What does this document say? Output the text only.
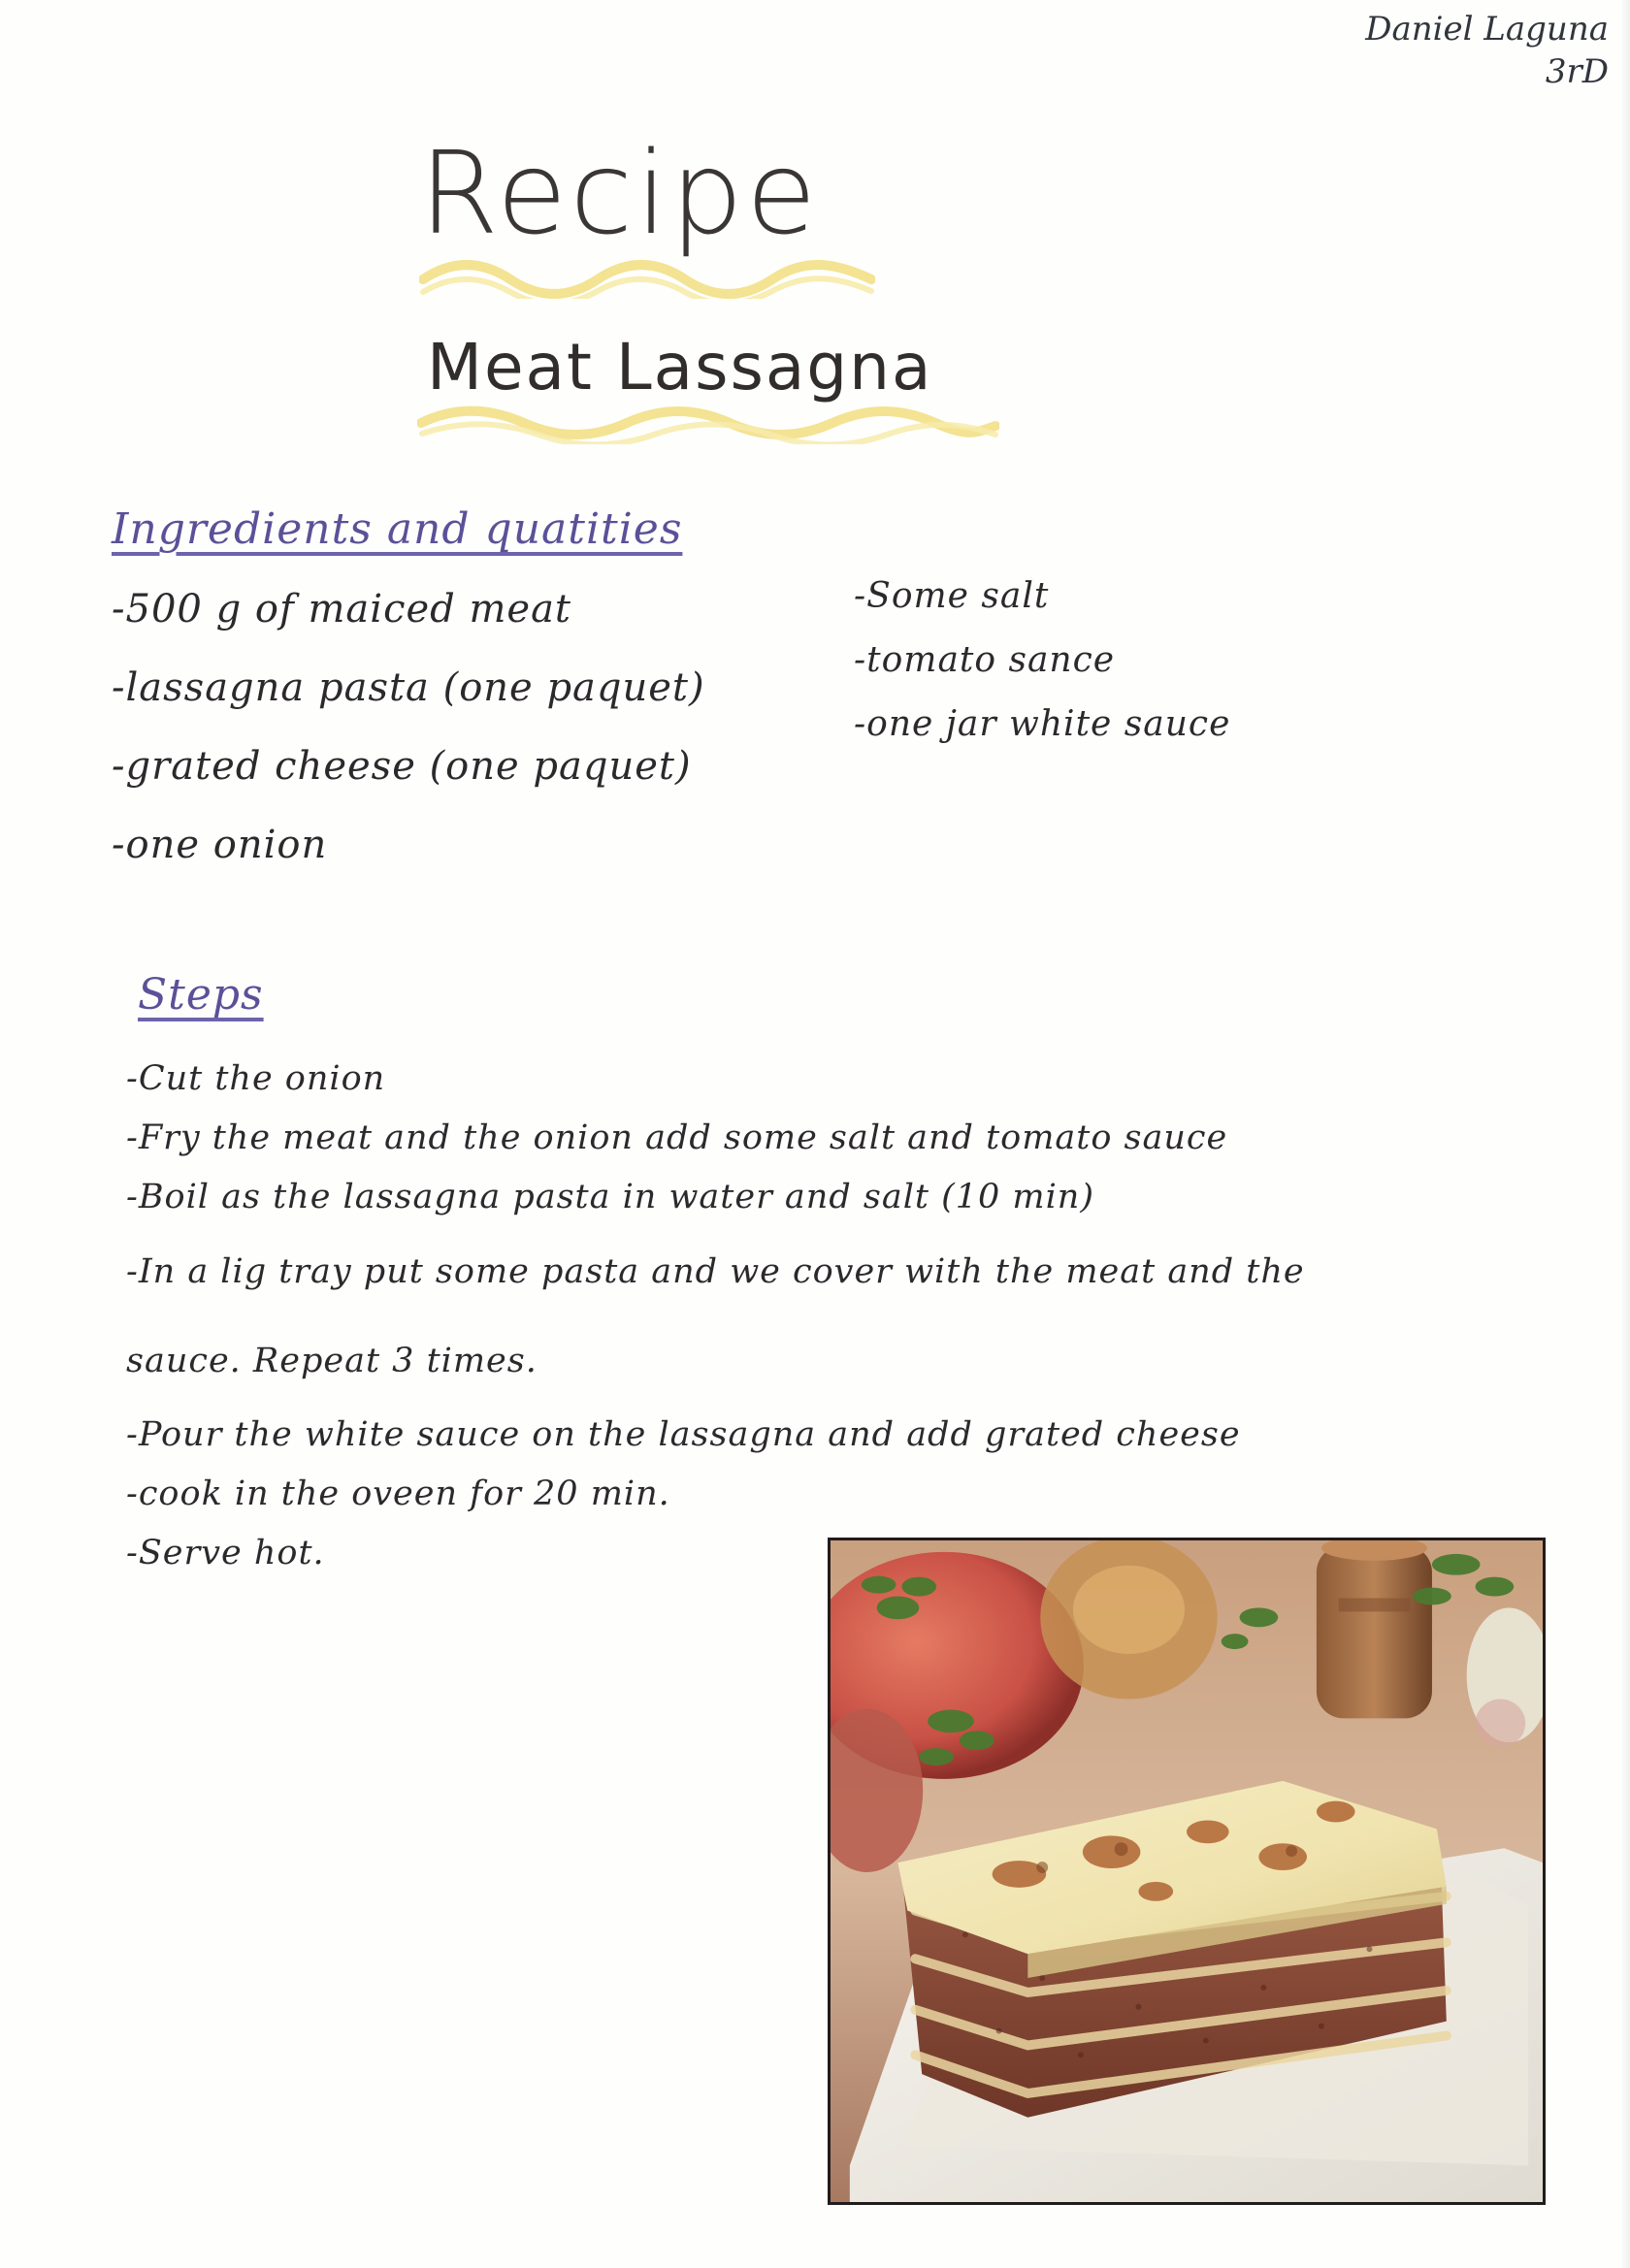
Daniel Laguna
3rD
Recipe
Meat Lassagna
Ingredients and quatities
-500 g of maiced meat
-lassagna pasta (one paquet)
-grated cheese (one paquet)
-one onion
-Some salt
-tomato sance
-one jar white sauce
Steps
-Cut the onion
-Fry the meat and the onion add some salt and tomato sauce
-Boil as the lassagna pasta in water and salt (10 min)
-In a lig tray put some pasta and we cover with the meat and the sauce. Repeat 3 times.
-Pour the white sauce on the lassagna and add grated cheese
-cook in the oveen for 20 min.
-Serve hot.
